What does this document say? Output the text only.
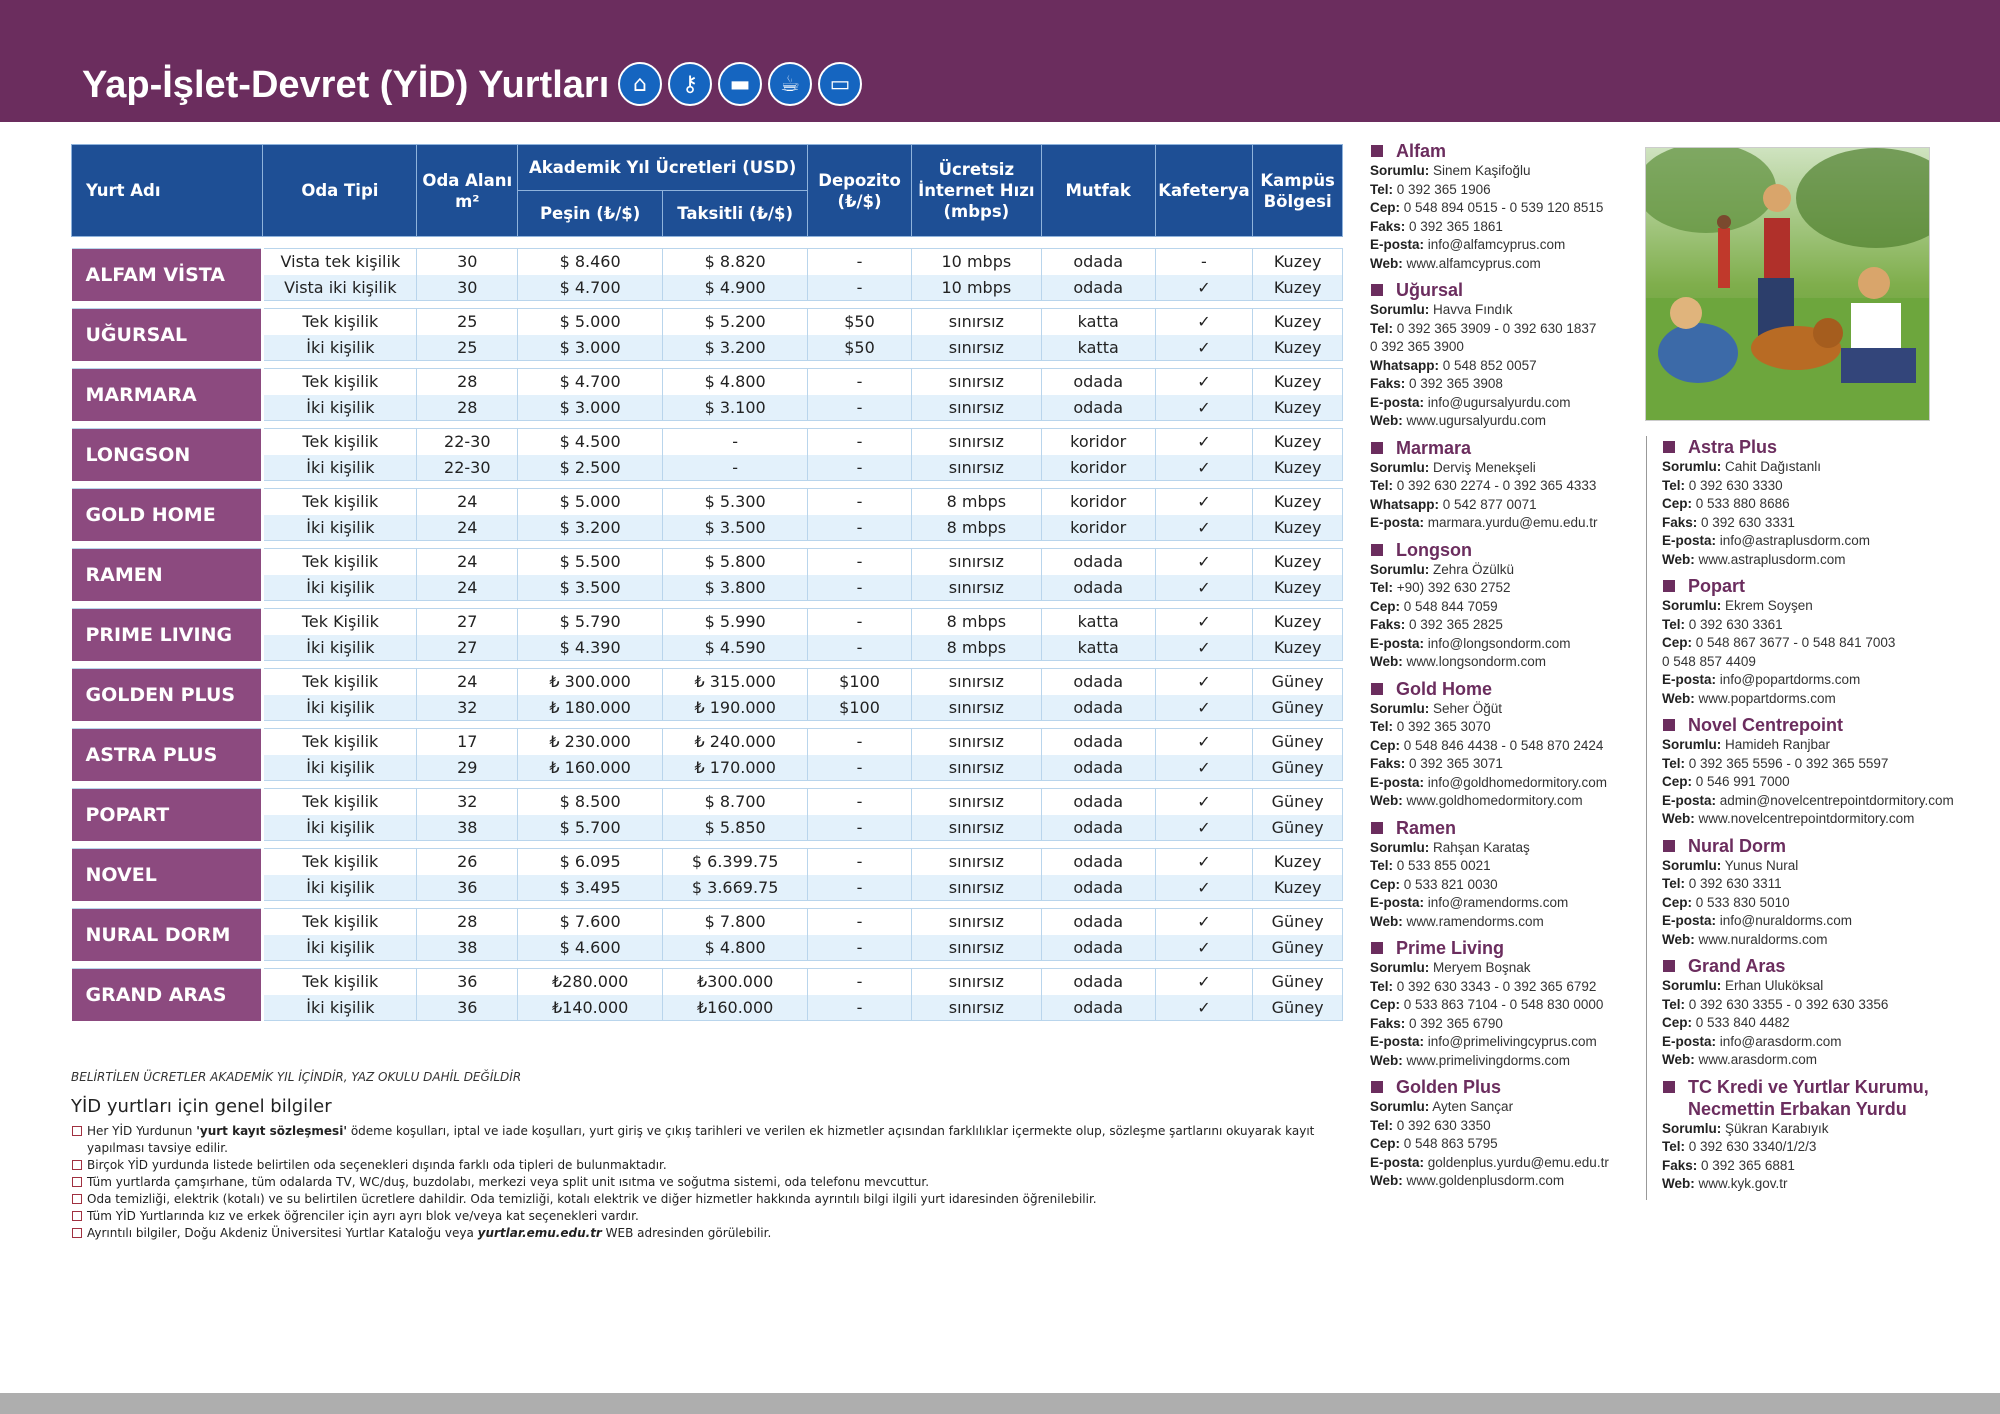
Yap-İşlet-Devret (YİD) Yurtları	⌂	⚷	▬	☕	▭
Yurt Adı	Oda Tipi	Oda Alanı m²	Akademik Yıl Ücretleri (USD)		Depozito (₺/$)	Ücretsiz İnternet Hızı (mbps)	Mutfak	Kafeterya	Kampüs Bölgesi
			Peşin (₺/$)	Taksitli (₺/$)					

ALFAM VİSTA	Vista tek kişilik	30	$ 8.460	$ 8.820	-	10 mbps	odada	-	Kuzey
	Vista iki kişilik	30	$ 4.700	$ 4.900	-	10 mbps	odada	✓	Kuzey

UĞURSAL	Tek kişilik	25	$ 5.000	$ 5.200	$50	sınırsız	katta	✓	Kuzey
	İki kişilik	25	$ 3.000	$ 3.200	$50	sınırsız	katta	✓	Kuzey

MARMARA	Tek kişilik	28	$ 4.700	$ 4.800	-	sınırsız	odada	✓	Kuzey
	İki kişilik	28	$ 3.000	$ 3.100	-	sınırsız	odada	✓	Kuzey

LONGSON	Tek kişilik	22-30	$ 4.500	-	-	sınırsız	koridor	✓	Kuzey
	İki kişilik	22-30	$ 2.500	-	-	sınırsız	koridor	✓	Kuzey

GOLD HOME	Tek kişilik	24	$ 5.000	$ 5.300	-	8 mbps	koridor	✓	Kuzey
	İki kişilik	24	$ 3.200	$ 3.500	-	8 mbps	koridor	✓	Kuzey

RAMEN	Tek kişilik	24	$ 5.500	$ 5.800	-	sınırsız	odada	✓	Kuzey
	İki kişilik	24	$ 3.500	$ 3.800	-	sınırsız	odada	✓	Kuzey

PRIME LIVING	Tek Kişilik	27	$ 5.790	$ 5.990	-	8 mbps	katta	✓	Kuzey
	İki kişilik	27	$ 4.390	$ 4.590	-	8 mbps	katta	✓	Kuzey

GOLDEN PLUS	Tek kişilik	24	₺ 300.000	₺ 315.000	$100	sınırsız	odada	✓	Güney
	İki kişilik	32	₺ 180.000	₺ 190.000	$100	sınırsız	odada	✓	Güney

ASTRA PLUS	Tek kişilik	17	₺ 230.000	₺ 240.000	-	sınırsız	odada	✓	Güney
	İki kişilik	29	₺ 160.000	₺ 170.000	-	sınırsız	odada	✓	Güney

POPART	Tek kişilik	32	$ 8.500	$ 8.700	-	sınırsız	odada	✓	Güney
	İki kişilik	38	$ 5.700	$ 5.850	-	sınırsız	odada	✓	Güney

NOVEL	Tek kişilik	26	$ 6.095	$ 6.399.75	-	sınırsız	odada	✓	Kuzey
	İki kişilik	36	$ 3.495	$ 3.669.75	-	sınırsız	odada	✓	Kuzey

NURAL DORM	Tek kişilik	28	$ 7.600	$ 7.800	-	sınırsız	odada	✓	Güney
	İki kişilik	38	$ 4.600	$ 4.800	-	sınırsız	odada	✓	Güney

GRAND ARAS	Tek kişilik	36	₺280.000	₺300.000	-	sınırsız	odada	✓	Güney
	İki kişilik	36	₺140.000	₺160.000	-	sınırsız	odada	✓	Güney
BELİRTİLEN ÜCRETLER AKADEMİK YIL İÇİNDİR, YAZ OKULU DAHİL DEĞİLDİR
YİD yurtları için genel bilgiler
Her YİD Yurdunun 'yurt kayıt sözleşmesi' ödeme koşulları, iptal ve iade koşulları, yurt giriş ve çıkış tarihleri ve verilen ek hizmetler açısından farklılıklar içermekte olup, sözleşme şartlarını okuyarak kayıt yapılması tavsiye edilir.
Birçok YİD yurdunda listede belirtilen oda seçenekleri dışında farklı oda tipleri de bulunmaktadır.
Tüm yurtlarda çamşırhane, tüm odalarda TV, WC/duş, buzdolabı, merkezi veya split unit ısıtma ve soğutma sistemi, oda telefonu mevcuttur.
Oda temizliği, elektrik (kotalı) ve su belirtilen ücretlere dahildir. Oda temizliği, kotalı elektrik ve diğer hizmetler hakkında ayrıntılı bilgi ilgili yurt idaresinden öğrenilebilir.
Tüm YİD Yurtlarında kız ve erkek öğrenciler için ayrı ayrı blok ve/veya kat seçenekleri vardır.
Ayrıntılı bilgiler, Doğu Akdeniz Üniversitesi Yurtlar Kataloğu veya yurtlar.emu.edu.tr WEB adresinden görülebilir.
Alfam
Sorumlu: Sinem Kaşifoğlu
Tel: 0 392 365 1906
Cep: 0 548 894 0515 - 0 539 120 8515
Faks: 0 392 365 1861
E-posta: info@alfamcyprus.com
Web: www.alfamcyprus.com
Uğursal
Sorumlu: Havva Fındık
Tel: 0 392 365 3909 - 0 392 630 1837
0 392 365 3900
Whatsapp: 0 548 852 0057
Faks: 0 392 365 3908
E-posta: info@ugursalyurdu.com
Web: www.ugursalyurdu.com
Marmara
Sorumlu: Derviş Menekşeli
Tel: 0 392 630 2274 - 0 392 365 4333
Whatsapp: 0 542 877 0071
E-posta: marmara.yurdu@emu.edu.tr
Longson
Sorumlu: Zehra Özülkü
Tel: +90) 392 630 2752
Cep: 0 548 844 7059
Faks: 0 392 365 2825
E-posta: info@longsondorm.com
Web: www.longsondorm.com
Gold Home
Sorumlu: Seher Öğüt
Tel: 0 392 365 3070
Cep: 0 548 846 4438 - 0 548 870 2424
Faks: 0 392 365 3071
E-posta: info@goldhomedormitory.com
Web: www.goldhomedormitory.com
Ramen
Sorumlu: Rahşan Karataş
Tel: 0 533 855 0021
Cep: 0 533 821 0030
E-posta: info@ramendorms.com
Web: www.ramendorms.com
Prime Living
Sorumlu: Meryem Boşnak
Tel: 0 392 630 3343 - 0 392 365 6792
Cep: 0 533 863 7104 - 0 548 830 0000
Faks: 0 392 365 6790
E-posta: info@primelivingcyprus.com
Web: www.primelivingdorms.com
Golden Plus
Sorumlu: Ayten Sançar
Tel: 0 392 630 3350
Cep: 0 548 863 5795
E-posta: goldenplus.yurdu@emu.edu.tr
Web: www.goldenplusdorm.com
Astra Plus
Sorumlu: Cahit Dağıstanlı
Tel: 0 392 630 3330
Cep: 0 533 880 8686
Faks: 0 392 630 3331
E-posta: info@astraplusdorm.com
Web: www.astraplusdorm.com
Popart
Sorumlu: Ekrem Soyşen
Tel: 0 392 630 3361
Cep: 0 548 867 3677 - 0 548 841 7003
0 548 857 4409
E-posta: info@popartdorms.com
Web: www.popartdorms.com
Novel Centrepoint
Sorumlu: Hamideh Ranjbar
Tel: 0 392 365 5596 - 0 392 365 5597
Cep: 0 546 991 7000
E-posta: admin@novelcentrepointdormitory.com
Web: www.novelcentrepointdormitory.com
Nural Dorm
Sorumlu: Yunus Nural
Tel: 0 392 630 3311
Cep: 0 533 830 5010
E-posta: info@nuraldorms.com
Web: www.nuraldorms.com
Grand Aras
Sorumlu: Erhan Uluköksal
Tel: 0 392 630 3355 - 0 392 630 3356
Cep: 0 533 840 4482
E-posta: info@arasdorm.com
Web: www.arasdorm.com
TC Kredi ve Yurtlar Kurumu, Necmettin Erbakan Yurdu
Sorumlu: Şükran Karabıyık
Tel: 0 392 630 3340/1/2/3
Faks: 0 392 365 6881
Web: www.kyk.gov.tr
